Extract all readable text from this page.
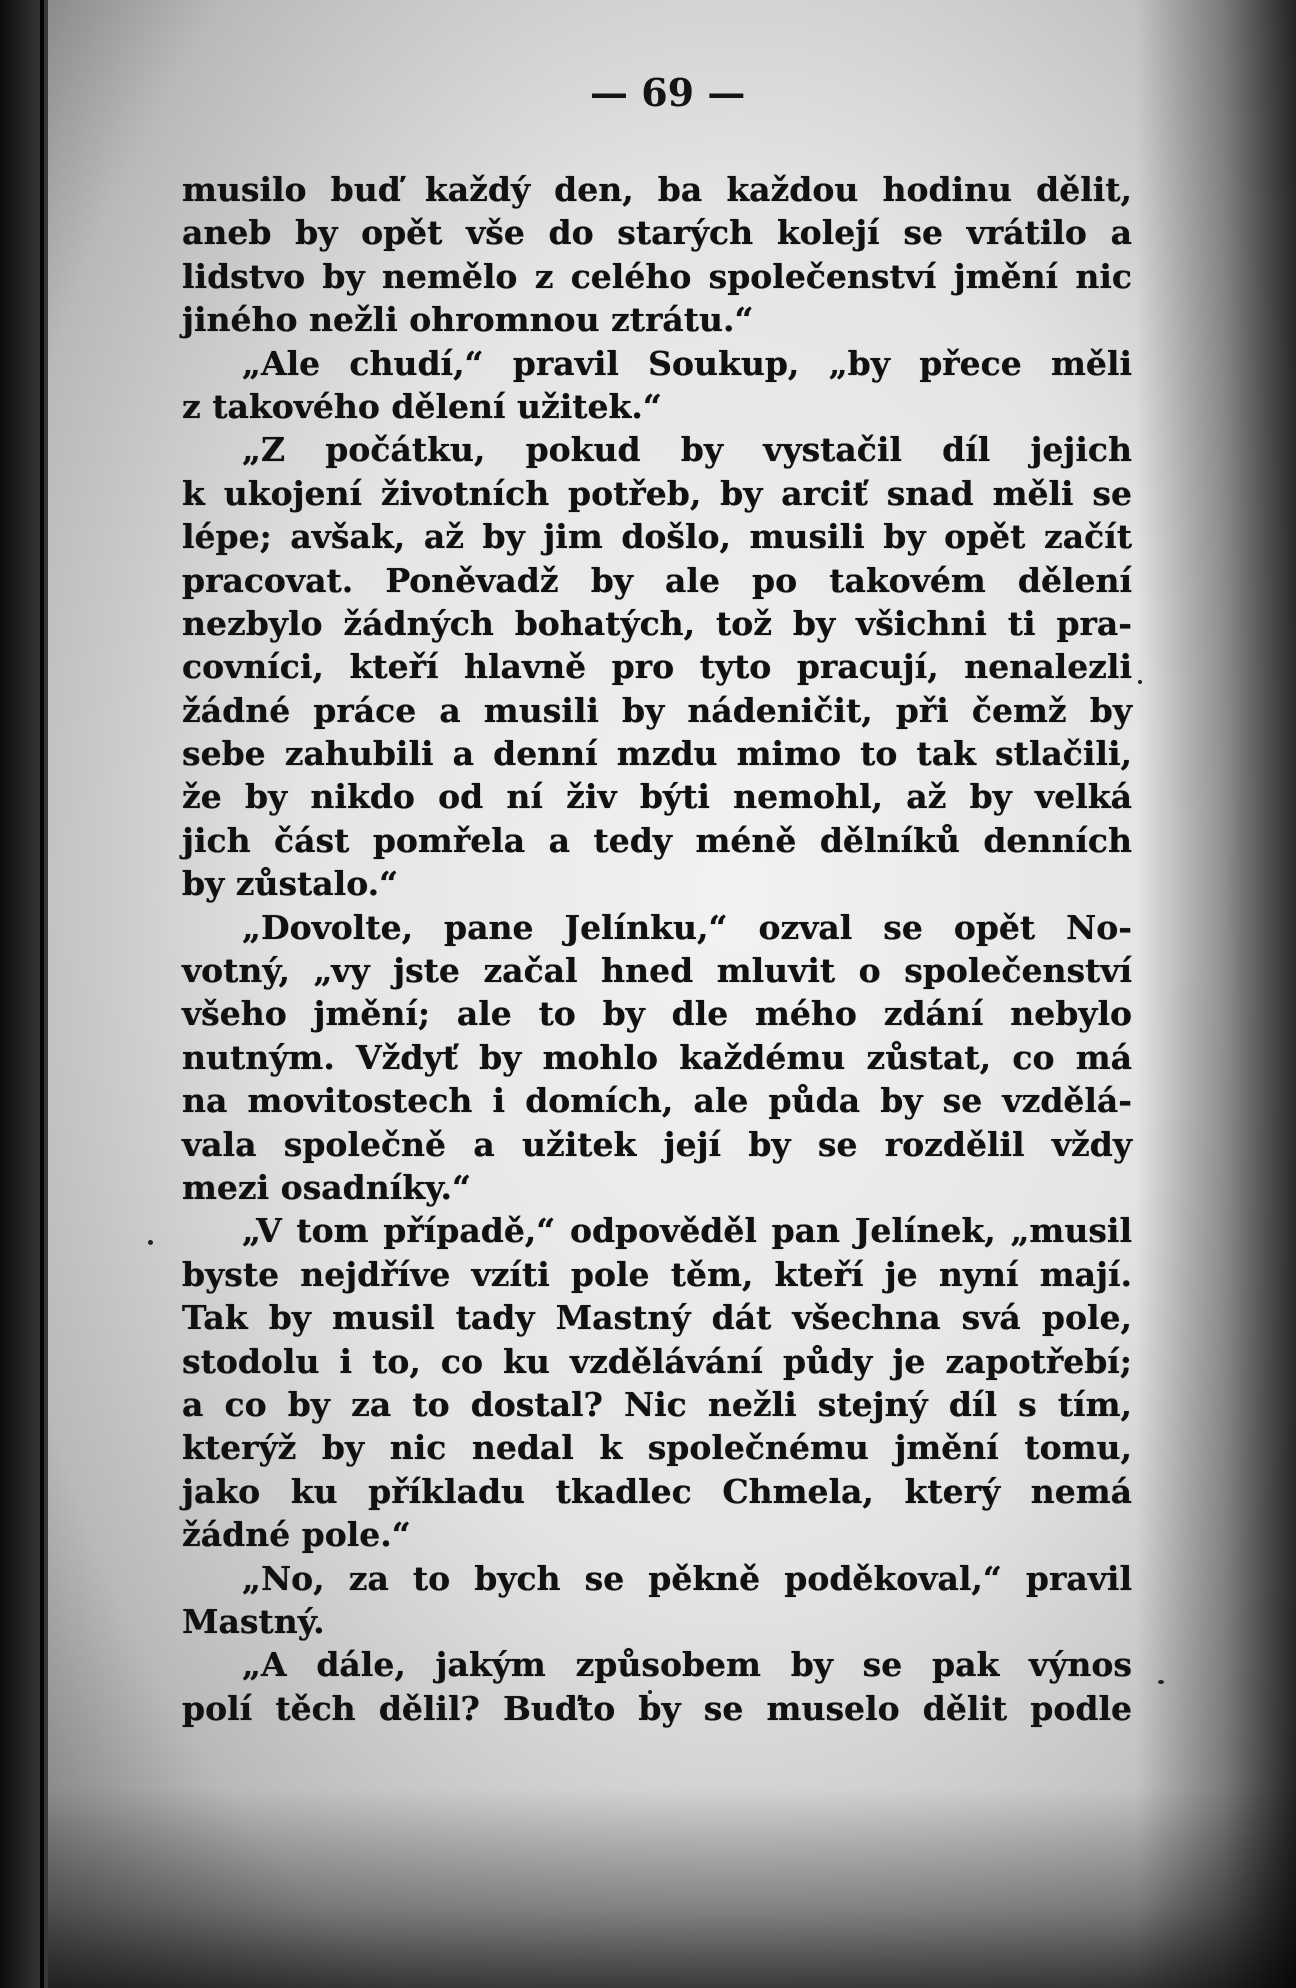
— 69 —
musilo buď každý den, ba každou hodinu dělit,
aneb by opět vše do starých kolejí se vrátilo a
lidstvo by nemělo z celého společenství jmění nic
jiného nežli ohromnou ztrátu.“
„Ale chudí,“ pravil Soukup, „by přece měli
z takového dělení užitek.“
„Z počátku, pokud by vystačil díl jejich
k ukojení životních potřeb, by arciť snad měli se
lépe; avšak, až by jim došlo, musili by opět začít
pracovat. Poněvadž by ale po takovém dělení
nezbylo žádných bohatých, tož by všichni ti pra-
covníci, kteří hlavně pro tyto pracují, nenalezli
žádné práce a musili by nádeničit, při čemž by
sebe zahubili a denní mzdu mimo to tak stlačili,
že by nikdo od ní živ býti nemohl, až by velká
jich část pomřela a tedy méně dělníků denních
by zůstalo.“
„Dovolte, pane Jelínku,“ ozval se opět No-
votný, „vy jste začal hned mluvit o společenství
všeho jmění; ale to by dle mého zdání nebylo
nutným. Vždyť by mohlo každému zůstat, co má
na movitostech i domích, ale půda by se vzdělá-
vala společně a užitek její by se rozdělil vždy
mezi osadníky.“
„V tom případě,“ odpověděl pan Jelínek, „musil
byste nejdříve vzíti pole těm, kteří je nyní mají.
Tak by musil tady Mastný dát všechna svá pole,
stodolu i to, co ku vzdělávání půdy je zapotřebí;
a co by za to dostal? Nic nežli stejný díl s tím,
kterýž by nic nedal k společnému jmění tomu,
jako ku příkladu tkadlec Chmela, který nemá
žádné pole.“
„No, za to bych se pěkně poděkoval,“ pravil
Mastný.
„A dále, jakým způsobem by se pak výnos
polí těch dělil? Buďto by se muselo dělit podle
